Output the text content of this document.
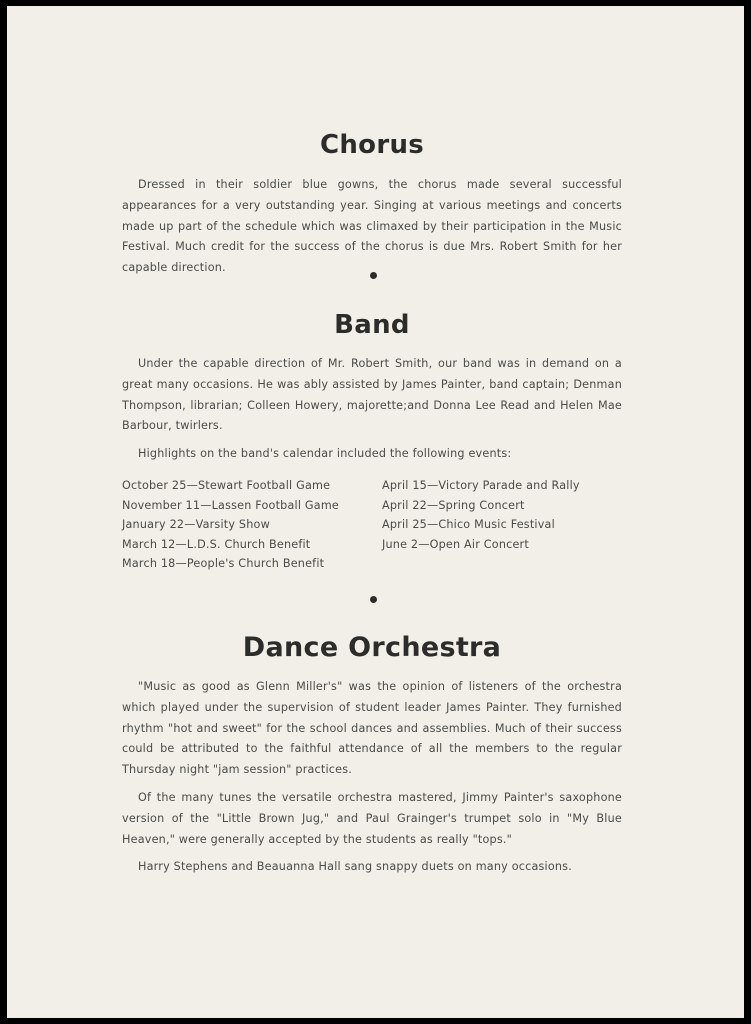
Chorus

Dressed in their soldier blue gowns, the chorus made several successful appearances for a very outstanding year. Singing at various meetings and concerts made up part of the schedule which was climaxed by their participation in the Music Festival. Much credit for the success of the chorus is due Mrs. Robert Smith for her capable direction.

Band

Under the capable direction of Mr. Robert Smith, our band was in demand on a great many occasions. He was ably assisted by James Painter, band captain; Denman Thompson, librarian; Colleen Howery, majorette;and Donna Lee Read and Helen Mae Barbour, twirlers.

Highlights on the band's calendar included the following events:

October 25—Stewart Football Game
November 11—Lassen Football Game
January 22—Varsity Show
March 12—L.D.S. Church Benefit
March 18—People's Church Benefit
April 15—Victory Parade and Rally
April 22—Spring Concert
April 25—Chico Music Festival
June 2—Open Air Concert
Dance Orchestra

"Music as good as Glenn Miller's" was the opinion of listeners of the orchestra which played under the supervision of student leader James Painter. They furnished rhythm "hot and sweet" for the school dances and assemblies. Much of their success could be attributed to the faithful attendance of all the members to the regular Thursday night "jam session" practices.

Of the many tunes the versatile orchestra mastered, Jimmy Painter's saxophone version of the "Little Brown Jug," and Paul Grainger's trumpet solo in "My Blue Heaven," were generally accepted by the students as really "tops."

Harry Stephens and Beauanna Hall sang snappy duets on many occasions.
